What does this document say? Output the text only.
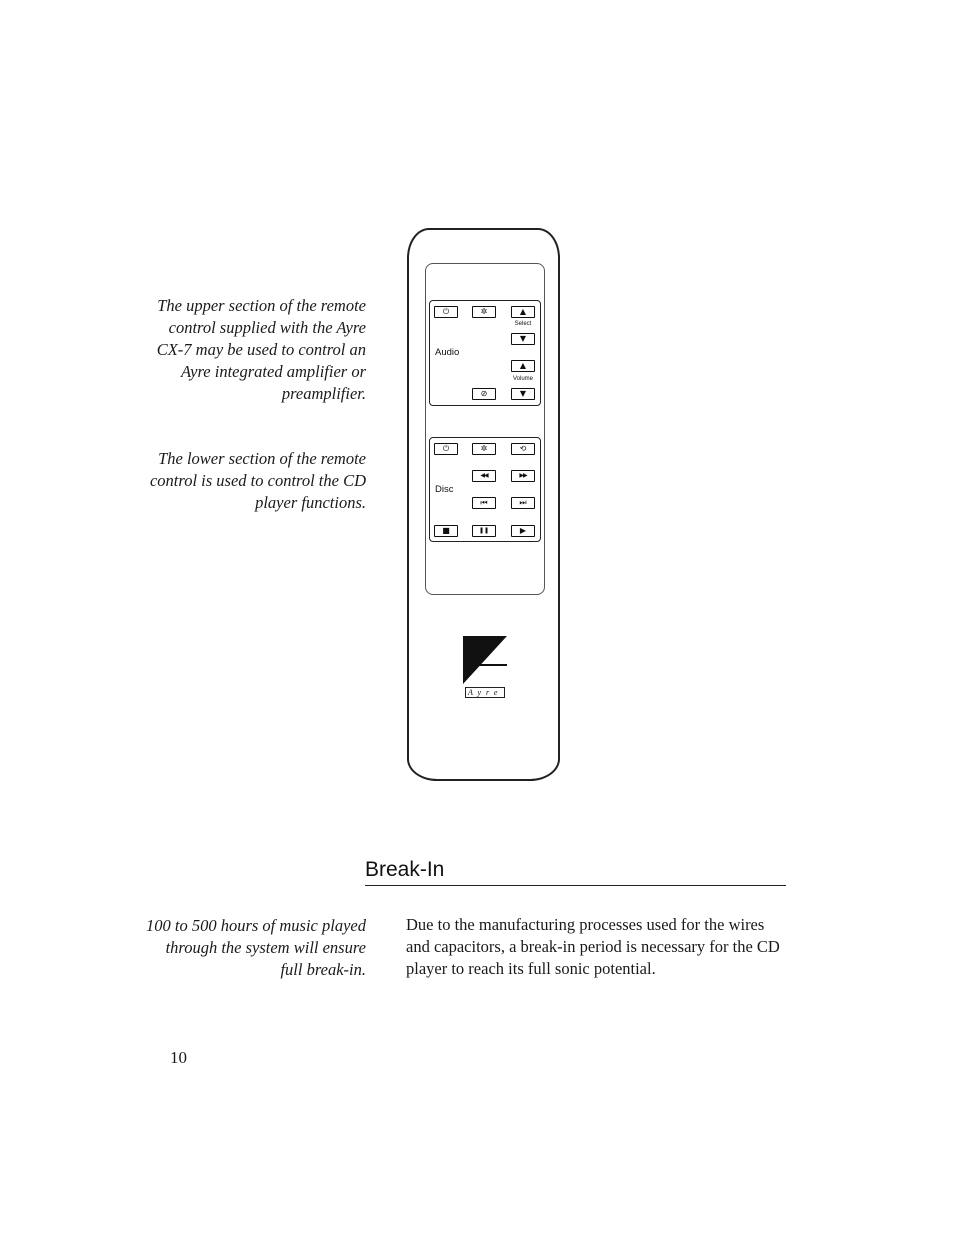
The upper section of the remote control supplied with the Ayre CX-7 may be used to control an Ayre integrated amplifier or preamplifier.
The lower section of the remote control is used to control the CD player functions.
⏻	✲	▲
Select
▼
Audio
▲
Volume
⊘	▼
⏻	✲	⟲
◀◀	▶▶
Disc
⏮	⏭
■	❚❚	▶
Ayre
Break-In
100 to 500 hours of music played through the system will ensure full break-in.
Due to the manufacturing processes used for the wires and capacitors, a break-in period is necessary for the CD player to reach its full sonic potential.
10
